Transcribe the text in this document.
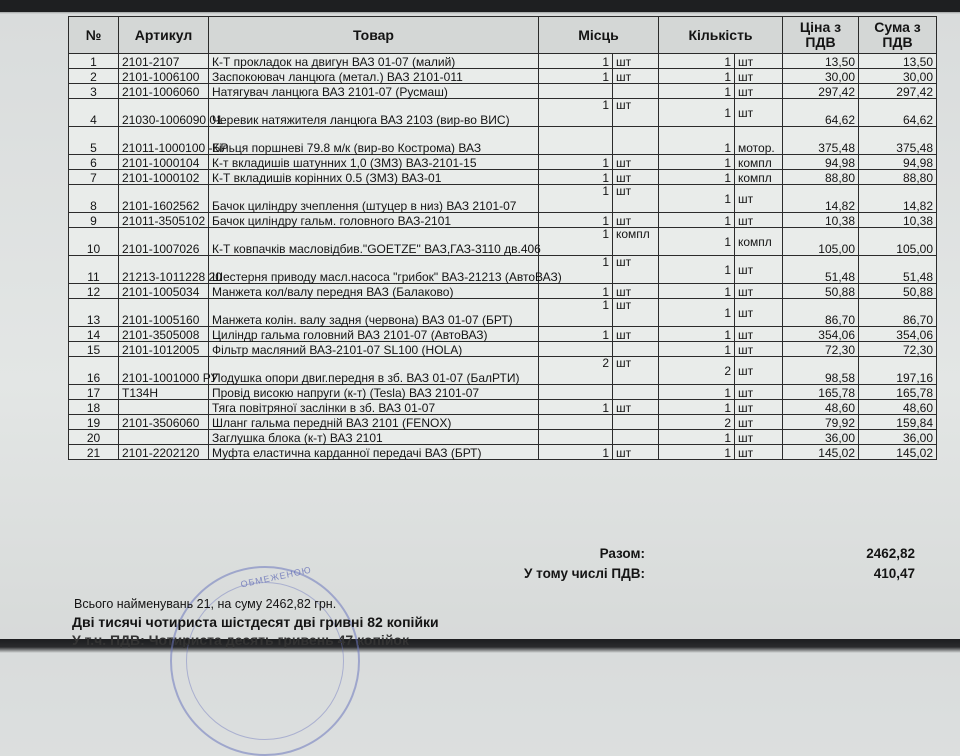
№	Артикул	Товар	Місць		Кількість		Ціна з ПДВ	Сума з ПДВ
1	2101-2107	К-Т прокладок на двигун ВАЗ 01-07 (малий)	1	шт	1	шт	13,50	13,50
2	2101-1006100	Заспокоювач ланцюга (метал.) ВАЗ 2101-011	1	шт	1	шт	30,00	30,00
3	2101-1006060	Натягувач ланцюга ВАЗ 2101-07 (Русмаш)			1	шт	297,42	297,42
4	21030-1006090 01	Черевик натяжителя ланцюга ВАЗ 2103 (вир-во ВИС)	1	шт	1	шт	64,62	64,62
5	21011-1000100 -БР	Кільця поршневі 79.8 м/к (вир-во Кострома) ВАЗ			1	мотор.	375,48	375,48
6	2101-1000104	К-т вкладишів шатунних 1,0 (ЗМЗ) ВАЗ-2101-15	1	шт	1	компл	94,98	94,98
7	2101-1000102	К-Т вкладишів корінних 0.5 (ЗМЗ) ВАЗ-01	1	шт	1	компл	88,80	88,80
8	2101-1602562	Бачок циліндру зчеплення (штуцер в низ) ВАЗ 2101-07	1	шт	1	шт	14,82	14,82
9	21011-3505102	Бачок циліндру гальм. головного ВАЗ-2101	1	шт	1	шт	10,38	10,38
10	2101-1007026	К-Т ковпачків масловідбив."GOETZE" ВАЗ,ГАЗ-3110 дв.406	1	компл	1	компл	105,00	105,00
11	21213-1011228 20	Шестерня приводу масл.насоса "грибок" ВАЗ-21213 (АвтоВАЗ)	1	шт	1	шт	51,48	51,48
12	2101-1005034	Манжета кол/валу передня ВАЗ (Балаково)	1	шт	1	шт	50,88	50,88
13	2101-1005160	Манжета колін. валу задня (червона) ВАЗ 01-07 (БРТ)	1	шт	1	шт	86,70	86,70
14	2101-3505008	Циліндр гальма головний ВАЗ 2101-07 (АвтоВАЗ)	1	шт	1	шт	354,06	354,06
15	2101-1012005	Фільтр масляний ВАЗ-2101-07 SL100 (HOLA)			1	шт	72,30	72,30
16	2101-1001000 РУ	Подушка опори двиг.передня в зб. ВАЗ 01-07 (БалРТИ)	2	шт	2	шт	98,58	197,16
17	T134H	Провід високю напруги (к-т) (Tesla) ВАЗ 2101-07			1	шт	165,78	165,78
18		Тяга повітряної заслінки в зб. ВАЗ 01-07	1	шт	1	шт	48,60	48,60
19	2101-3506060	Шланг гальма передній ВАЗ 2101 (FENOX)			2	шт	79,92	159,84
20		Заглушка блока (к-т) ВАЗ 2101			1	шт	36,00	36,00
21	2101-2202120	Муфта еластична карданної передачі ВАЗ (БРТ)	1	шт	1	шт	145,02	145,02
Разом:	2462,82
У тому числі ПДВ:	410,47
ОБМЕЖЕНОЮ
Всього найменувань 21, на суму 2462,82 грн.
Дві тисячі чотириста шістдесят дві гривні 82 копійки
У т.ч. ПДВ: Чотириста десять гривень 47 копійок
